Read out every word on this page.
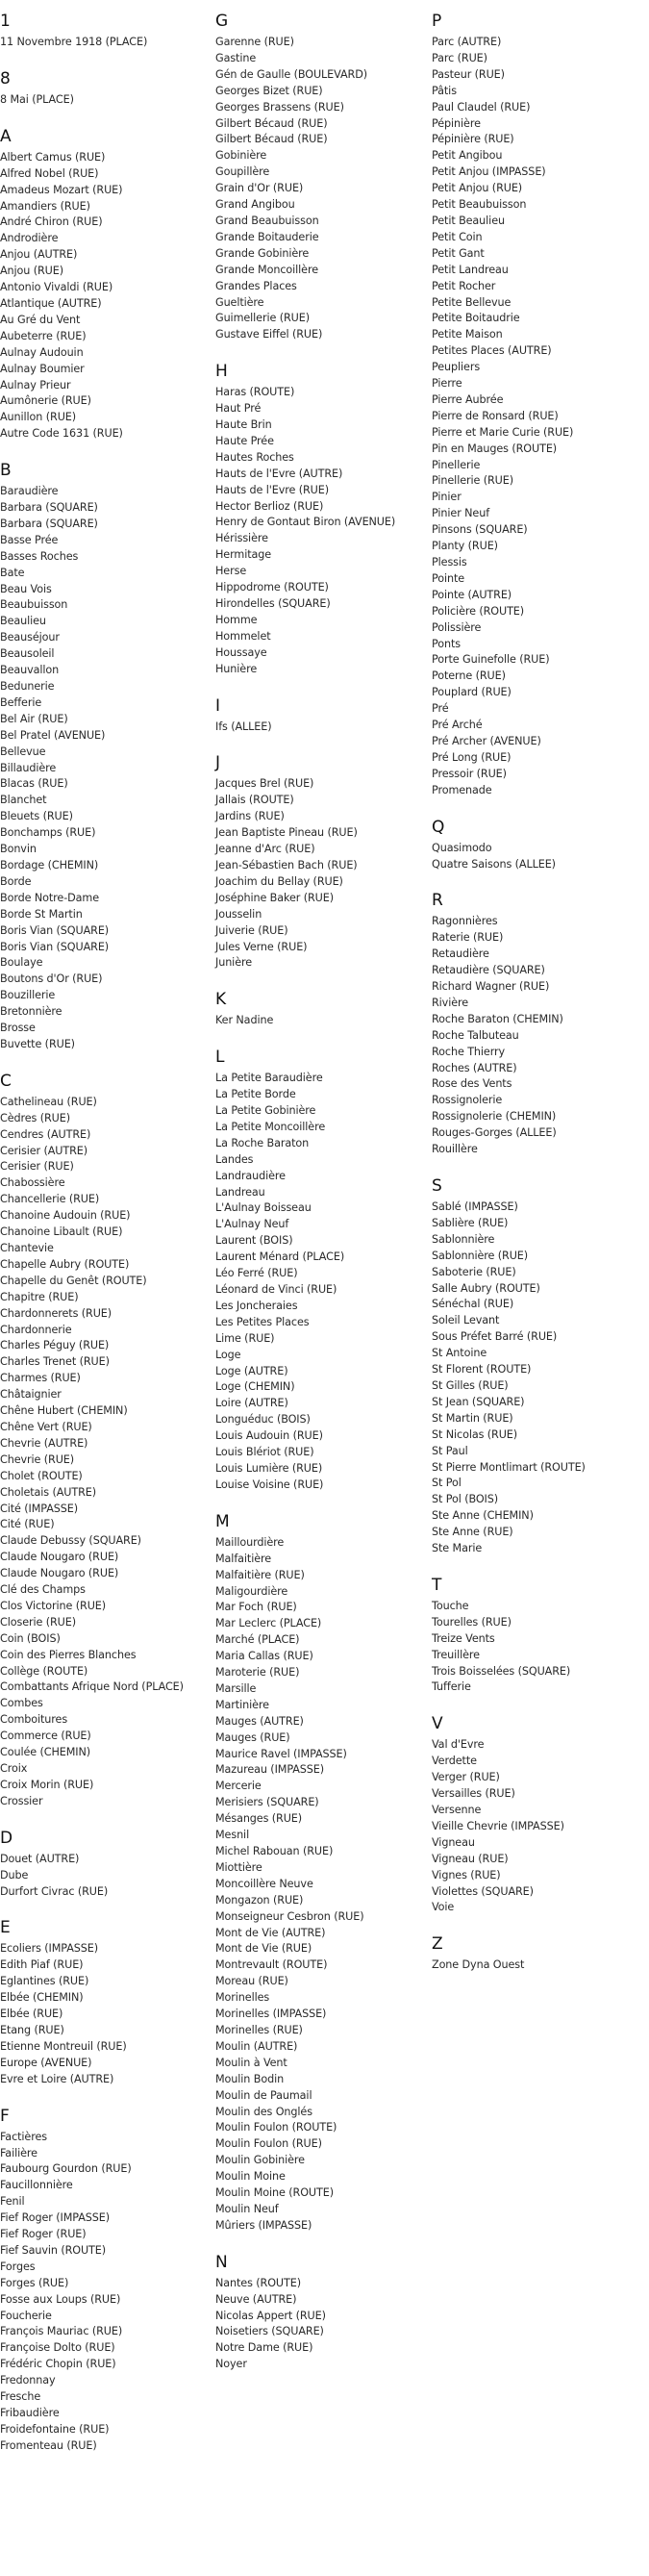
1
11 Novembre 1918 (PLACE)
8
8 Mai (PLACE)
A
Albert Camus (RUE)
Alfred Nobel (RUE)
Amadeus Mozart (RUE)
Amandiers (RUE)
André Chiron (RUE)
Androdière
Anjou (AUTRE)
Anjou (RUE)
Antonio Vivaldi (RUE)
Atlantique (AUTRE)
Au Gré du Vent
Aubeterre (RUE)
Aulnay Audouin
Aulnay Boumier
Aulnay Prieur
Aumônerie (RUE)
Aunillon (RUE)
Autre Code 1631 (RUE)
B
Baraudière
Barbara (SQUARE)
Barbara (SQUARE)
Basse Prée
Basses Roches
Bate
Beau Vois
Beaubuisson
Beaulieu
Beauséjour
Beausoleil
Beauvallon
Bedunerie
Befferie
Bel Air (RUE)
Bel Pratel (AVENUE)
Bellevue
Billaudière
Blacas (RUE)
Blanchet
Bleuets (RUE)
Bonchamps (RUE)
Bonvin
Bordage (CHEMIN)
Borde
Borde Notre-Dame
Borde St Martin
Boris Vian (SQUARE)
Boris Vian (SQUARE)
Boulaye
Boutons d'Or (RUE)
Bouzillerie
Bretonnière
Brosse
Buvette (RUE)
C
Cathelineau (RUE)
Cèdres (RUE)
Cendres (AUTRE)
Cerisier (AUTRE)
Cerisier (RUE)
Chabossière
Chancellerie (RUE)
Chanoine Audouin (RUE)
Chanoine Libault (RUE)
Chantevie
Chapelle Aubry (ROUTE)
Chapelle du Genêt (ROUTE)
Chapitre (RUE)
Chardonnerets (RUE)
Chardonnerie
Charles Péguy (RUE)
Charles Trenet (RUE)
Charmes (RUE)
Châtaignier
Chêne Hubert (CHEMIN)
Chêne Vert (RUE)
Chevrie (AUTRE)
Chevrie (RUE)
Cholet (ROUTE)
Choletais (AUTRE)
Cité (IMPASSE)
Cité (RUE)
Claude Debussy (SQUARE)
Claude Nougaro (RUE)
Claude Nougaro (RUE)
Clé des Champs
Clos Victorine (RUE)
Closerie (RUE)
Coin (BOIS)
Coin des Pierres Blanches
Collège (ROUTE)
Combattants Afrique Nord (PLACE)
Combes
Comboitures
Commerce (RUE)
Coulée (CHEMIN)
Croix
Croix Morin (RUE)
Crossier
D
Douet (AUTRE)
Dube
Durfort Civrac (RUE)
E
Ecoliers (IMPASSE)
Edith Piaf (RUE)
Eglantines (RUE)
Elbée (CHEMIN)
Elbée (RUE)
Etang (RUE)
Etienne Montreuil (RUE)
Europe (AVENUE)
Evre et Loire (AUTRE)
F
Factières
Failière
Faubourg Gourdon (RUE)
Faucillonnière
Fenil
Fief Roger (IMPASSE)
Fief Roger (RUE)
Fief Sauvin (ROUTE)
Forges
Forges (RUE)
Fosse aux Loups (RUE)
Foucherie
François Mauriac (RUE)
Françoise Dolto (RUE)
Frédéric Chopin (RUE)
Fredonnay
Fresche
Fribaudière
Froidefontaine (RUE)
Fromenteau (RUE)
G
Garenne (RUE)
Gastine
Gén de Gaulle (BOULEVARD)
Georges Bizet (RUE)
Georges Brassens (RUE)
Gilbert Bécaud (RUE)
Gilbert Bécaud (RUE)
Gobinière
Goupillère
Grain d'Or (RUE)
Grand Angibou
Grand Beaubuisson
Grande Boitauderie
Grande Gobinière
Grande Moncoillère
Grandes Places
Gueltière
Guimellerie (RUE)
Gustave Eiffel (RUE)
H
Haras (ROUTE)
Haut Pré
Haute Brin
Haute Prée
Hautes Roches
Hauts de l'Evre (AUTRE)
Hauts de l'Evre (RUE)
Hector Berlioz (RUE)
Henry de Gontaut Biron (AVENUE)
Hérissière
Hermitage
Herse
Hippodrome (ROUTE)
Hirondelles (SQUARE)
Homme
Hommelet
Houssaye
Hunière
I
Ifs (ALLEE)
J
Jacques Brel (RUE)
Jallais (ROUTE)
Jardins (RUE)
Jean Baptiste Pineau (RUE)
Jeanne d'Arc (RUE)
Jean-Sébastien Bach (RUE)
Joachim du Bellay (RUE)
Joséphine Baker (RUE)
Jousselin
Juiverie (RUE)
Jules Verne (RUE)
Junière
K
Ker Nadine
L
La Petite Baraudière
La Petite Borde
La Petite Gobinière
La Petite Moncoillère
La Roche Baraton
Landes
Landraudière
Landreau
L'Aulnay Boisseau
L'Aulnay Neuf
Laurent (BOIS)
Laurent Ménard (PLACE)
Léo Ferré (RUE)
Léonard de Vinci (RUE)
Les Joncheraies
Les Petites Places
Lime (RUE)
Loge
Loge (AUTRE)
Loge (CHEMIN)
Loire (AUTRE)
Longuéduc (BOIS)
Louis Audouin (RUE)
Louis Blériot (RUE)
Louis Lumière (RUE)
Louise Voisine (RUE)
M
Maillourdière
Malfaitière
Malfaitière (RUE)
Maligourdière
Mar Foch (RUE)
Mar Leclerc (PLACE)
Marché (PLACE)
Maria Callas (RUE)
Maroterie (RUE)
Marsille
Martinière
Mauges (AUTRE)
Mauges (RUE)
Maurice Ravel (IMPASSE)
Mazureau (IMPASSE)
Mercerie
Merisiers (SQUARE)
Mésanges (RUE)
Mesnil
Michel Rabouan (RUE)
Miottière
Moncoillère Neuve
Mongazon (RUE)
Monseigneur Cesbron (RUE)
Mont de Vie (AUTRE)
Mont de Vie (RUE)
Montrevault (ROUTE)
Moreau (RUE)
Morinelles
Morinelles (IMPASSE)
Morinelles (RUE)
Moulin (AUTRE)
Moulin à Vent
Moulin Bodin
Moulin de Paumail
Moulin des Onglés
Moulin Foulon (ROUTE)
Moulin Foulon (RUE)
Moulin Gobinière
Moulin Moine
Moulin Moine (ROUTE)
Moulin Neuf
Mûriers (IMPASSE)
N
Nantes (ROUTE)
Neuve (AUTRE)
Nicolas Appert (RUE)
Noisetiers (SQUARE)
Notre Dame (RUE)
Noyer
P
Parc (AUTRE)
Parc (RUE)
Pasteur (RUE)
Pâtis
Paul Claudel (RUE)
Pépinière
Pépinière (RUE)
Petit Angibou
Petit Anjou (IMPASSE)
Petit Anjou (RUE)
Petit Beaubuisson
Petit Beaulieu
Petit Coin
Petit Gant
Petit Landreau
Petit Rocher
Petite Bellevue
Petite Boitaudrie
Petite Maison
Petites Places (AUTRE)
Peupliers
Pierre
Pierre Aubrée
Pierre de Ronsard (RUE)
Pierre et Marie Curie (RUE)
Pin en Mauges (ROUTE)
Pinellerie
Pinellerie (RUE)
Pinier
Pinier Neuf
Pinsons (SQUARE)
Planty (RUE)
Plessis
Pointe
Pointe (AUTRE)
Policière (ROUTE)
Polissière
Ponts
Porte Guinefolle (RUE)
Poterne (RUE)
Pouplard (RUE)
Pré
Pré Arché
Pré Archer (AVENUE)
Pré Long (RUE)
Pressoir (RUE)
Promenade
Q
Quasimodo
Quatre Saisons (ALLEE)
R
Ragonnières
Raterie (RUE)
Retaudière
Retaudière (SQUARE)
Richard Wagner (RUE)
Rivière
Roche Baraton (CHEMIN)
Roche Talbuteau
Roche Thierry
Roches (AUTRE)
Rose des Vents
Rossignolerie
Rossignolerie (CHEMIN)
Rouges-Gorges (ALLEE)
Rouillère
S
Sablé (IMPASSE)
Sablière (RUE)
Sablonnière
Sablonnière (RUE)
Saboterie (RUE)
Salle Aubry (ROUTE)
Sénéchal (RUE)
Soleil Levant
Sous Préfet Barré (RUE)
St Antoine
St Florent (ROUTE)
St Gilles (RUE)
St Jean (SQUARE)
St Martin (RUE)
St Nicolas (RUE)
St Paul
St Pierre Montlimart (ROUTE)
St Pol
St Pol (BOIS)
Ste Anne (CHEMIN)
Ste Anne (RUE)
Ste Marie
T
Touche
Tourelles (RUE)
Treize Vents
Treuillère
Trois Boisselées (SQUARE)
Tufferie
V
Val d'Evre
Verdette
Verger (RUE)
Versailles (RUE)
Versenne
Vieille Chevrie (IMPASSE)
Vigneau
Vigneau (RUE)
Vignes (RUE)
Violettes (SQUARE)
Voie
Z
Zone Dyna Ouest
